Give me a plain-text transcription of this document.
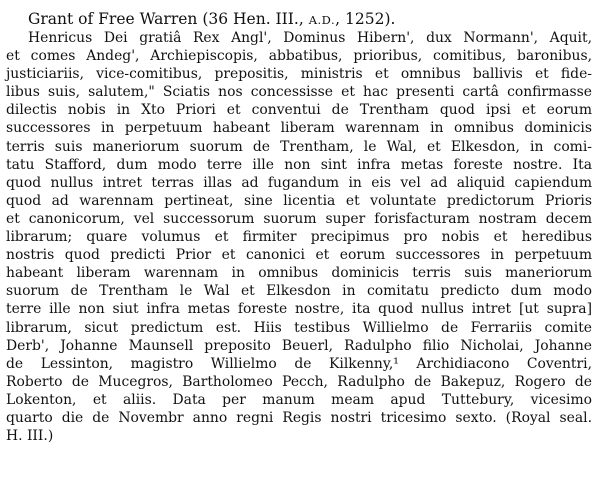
Grant of Free Warren (36 Hen. III., A.D., 1252).
Henricus Dei gratiâ Rex Angl', Dominus Hibern', dux Normann', Aquit,
et comes Andeg', Archiepiscopis, abbatibus, prioribus, comitibus, baronibus,
justiciariis, vice-comitibus, prepositis, ministris et omnibus ballivis et fide-
libus suis, salutem," Sciatis nos concessisse et hac presenti cartâ confirmasse
dilectis nobis in Xto Priori et conventui de Trentham quod ipsi et eorum
successores in perpetuum habeant liberam warennam in omnibus dominicis
terris suis maneriorum suorum de Trentham, le Wal, et Elkesdon, in comi-
tatu Stafford, dum modo terre ille non sint infra metas foreste nostre. Ita
quod nullus intret terras illas ad fugandum in eis vel ad aliquid capiendum
quod ad warennam pertineat, sine licentia et voluntate predictorum Prioris
et canonicorum, vel successorum suorum super forisfacturam nostram decem
librarum; quare volumus et firmiter precipimus pro nobis et heredibus
nostris quod predicti Prior et canonici et eorum successores in perpetuum
habeant liberam warennam in omnibus dominicis terris suis maneriorum
suorum de Trentham le Wal et Elkesdon in comitatu predicto dum modo
terre ille non siut infra metas foreste nostre, ita quod nullus intret [ut supra]
librarum, sicut predictum est. Hiis testibus Willielmo de Ferrariis comite
Derb', Johanne Maunsell preposito Beuerl, Radulpho filio Nicholai, Johanne
de Lessinton, magistro Willielmo de Kilkenny,¹ Archidiacono Coventri,
Roberto de Mucegros, Bartholomeo Pecch, Radulpho de Bakepuz, Rogero de
Lokenton, et aliis. Data per manum meam apud Tuttebury, vicesimo
quarto die de Novembr anno regni Regis nostri tricesimo sexto. (Royal seal.
H. III.)
